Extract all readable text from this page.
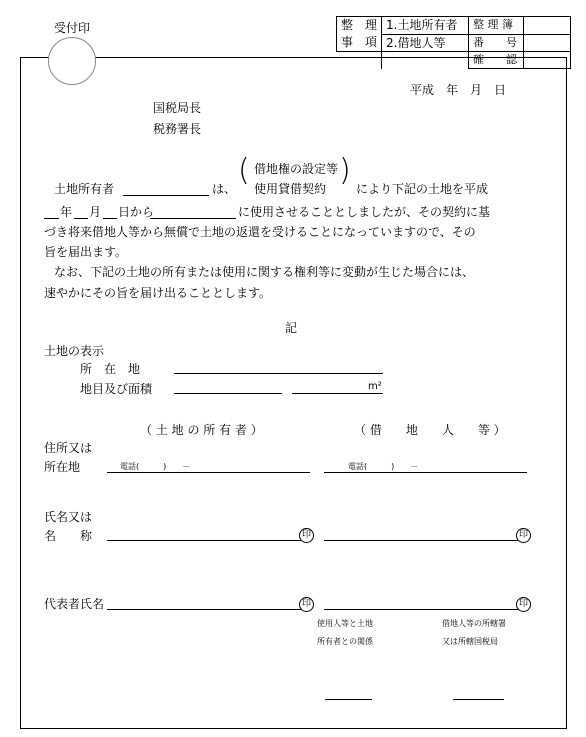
受付印	整　理
事　項	1.土地所有者	整 理 簿	
	2.借地人等	番　　号	
		確　　認	
平成　年　月　日
国税局長
税務署長
土地所有者	は、
( 借地権の設定等
使用貸借契約
)
により下記の土地を平成
年 月 日から	に使用させることとしましたが、その契約に基
づき将来借地人等から無償で土地の返還を受けることになっていますので、その
旨を届出ます。
なお、下記の土地の所有または使用に関する権利等に変動が生じた場合には、
速やかにその旨を届け出ることとします。
記
土地の表示
所　在　地
地目及び面積	m²
（ 土 地 の 所 有 者 ）	（ 借　　地　　人　　等 ）
住所又は
所在地	電話(　　　)　　－	電話(　　　)　　－
氏名又は
名　　称	印	印
代表者氏名	印	印
使用人等と土地
所有者との関係
借地人等の所轄署
又は所轄国税局
